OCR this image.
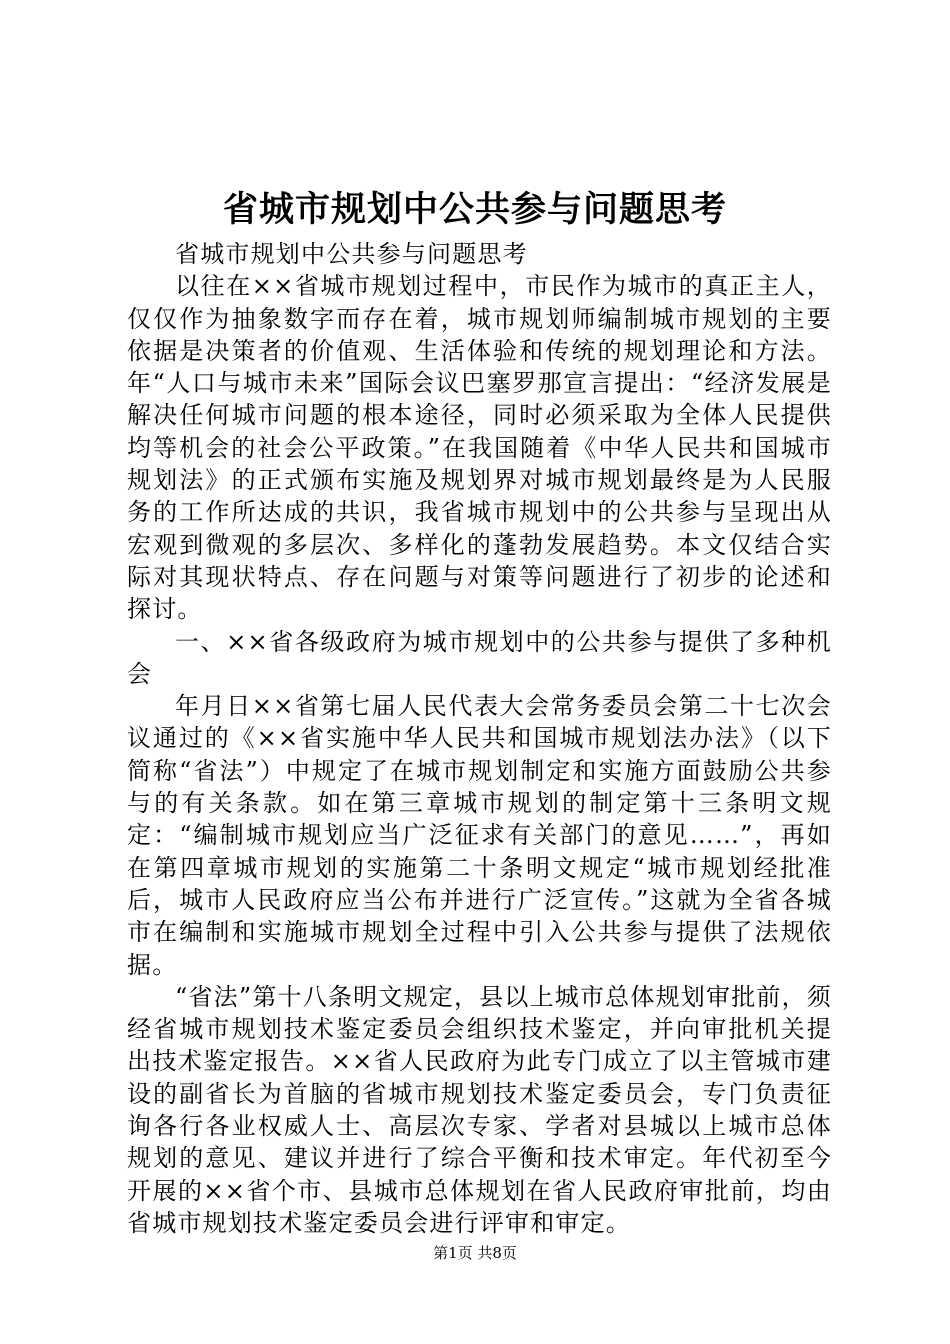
省城市规划中公共参与问题思考

省城市规划中公共参与问题思考

以往在××省城市规划过程中，市民作为城市的真正主人，仅仅作为抽象数字而存在着，城市规划师编制城市规划的主要依据是决策者的价值观、生活体验和传统的规划理论和方法。年“人口与城市未来”国际会议巴塞罗那宣言提出：“经济发展是解决任何城市问题的根本途径，同时必须采取为全体人民提供均等机会的社会公平政策。”在我国随着《中华人民共和国城市规划法》的正式颁布实施及规划界对城市规划最终是为人民服务的工作所达成的共识，我省城市规划中的公共参与呈现出从宏观到微观的多层次、多样化的蓬勃发展趋势。本文仅结合实际对其现状特点、存在问题与对策等问题进行了初步的论述和探讨。

一、××省各级政府为城市规划中的公共参与提供了多种机会

年月日××省第七届人民代表大会常务委员会第二十七次会议通过的《××省实施中华人民共和国城市规划法办法》（以下简称“省法”）中规定了在城市规划制定和实施方面鼓励公共参与的有关条款。如在第三章城市规划的制定第十三条明文规定：“编制城市规划应当广泛征求有关部门的意见……”，再如在第四章城市规划的实施第二十条明文规定“城市规划经批准后，城市人民政府应当公布并进行广泛宣传。”这就为全省各城市在编制和实施城市规划全过程中引入公共参与提供了法规依据。

“省法”第十八条明文规定，县以上城市总体规划审批前，须经省城市规划技术鉴定委员会组织技术鉴定，并向审批机关提出技术鉴定报告。××省人民政府为此专门成立了以主管城市建设的副省长为首脑的省城市规划技术鉴定委员会，专门负责征询各行各业权威人士、高层次专家、学者对县城以上城市总体规划的意见、建议并进行了综合平衡和技术审定。年代初至今开展的××省个市、县城市总体规划在省人民政府审批前，均由省城市规划技术鉴定委员会进行评审和审定。

第1页 共8页
